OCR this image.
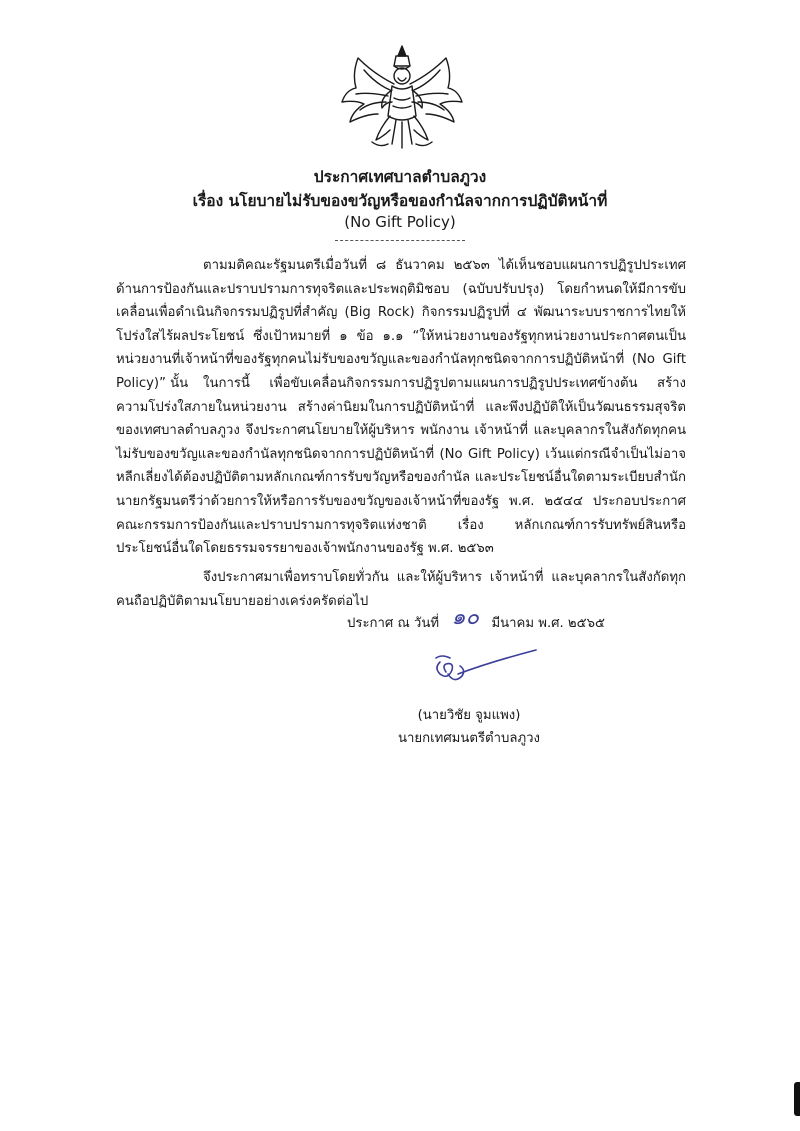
ประกาศเทศบาลตำบลภูวง
เรื่อง นโยบายไม่รับของขวัญหรือของกำนัลจากการปฏิบัติหน้าที่
(No Gift Policy)

ตามมติคณะรัฐมนตรีเมื่อวันที่ ๘ ธันวาคม ๒๕๖๓ ได้เห็นชอบแผนการปฏิรูปประเทศด้านการป้องกันและปราบปรามการทุจริตและประพฤติมิชอบ (ฉบับปรับปรุง) โดยกำหนดให้มีการขับเคลื่อนเพื่อดำเนินกิจกรรมปฏิรูปที่สำคัญ (Big Rock) กิจกรรมปฏิรูปที่ ๔ พัฒนาระบบราชการไทยให้โปร่งใสไร้ผลประโยชน์ ซึ่งเป้าหมายที่ ๑ ข้อ ๑.๑ “ให้หน่วยงานของรัฐทุกหน่วยงานประกาศตนเป็นหน่วยงานที่เจ้าหน้าที่ของรัฐทุกคนไม่รับของขวัญและของกำนัลทุกชนิดจากการปฏิบัติหน้าที่ (No Gift Policy)” นั้น	ในการนี้ เพื่อขับเคลื่อนกิจกรรมการปฏิรูปตามแผนการปฏิรูปประเทศข้างต้น สร้างความโปร่งใสภายในหน่วยงาน สร้างค่านิยมในการปฏิบัติหน้าที่ และพึงปฏิบัติให้เป็นวัฒนธรรมสุจริตของเทศบาลตำบลภูวง จึงประกาศนโยบายให้ผู้บริหาร พนักงาน เจ้าหน้าที่ และบุคลากรในสังกัดทุกคนไม่รับของขวัญและของกำนัลทุกชนิดจากการปฏิบัติหน้าที่ (No Gift Policy) เว้นแต่กรณีจำเป็นไม่อาจหลีกเลี่ยงได้ต้องปฏิบัติตามหลักเกณฑ์การรับขวัญหรือของกำนัล และประโยชน์อื่นใดตามระเบียบสำนักนายกรัฐมนตรีว่าด้วยการให้หรือการรับของขวัญของเจ้าหน้าที่ของรัฐ พ.ศ. ๒๕๔๔ ประกอบประกาศคณะกรรมการป้องกันและปราบปรามการทุจริตแห่งชาติ เรื่อง หลักเกณฑ์การรับทรัพย์สินหรือประโยชน์อื่นใดโดยธรรมจรรยาของเจ้าพนักงานของรัฐ พ.ศ. ๒๕๖๓

จึงประกาศมาเพื่อทราบโดยทั่วกัน และให้ผู้บริหาร เจ้าหน้าที่ และบุคลากรในสังกัดทุกคนถือปฏิบัติตามนโยบายอย่างเคร่งครัดต่อไป

ประกาศ ณ วันที่ ๑๐ มีนาคม พ.ศ. ๒๕๖๕
(นายวิชัย จูมแพง)
นายกเทศมนตรีตำบลภูวง
